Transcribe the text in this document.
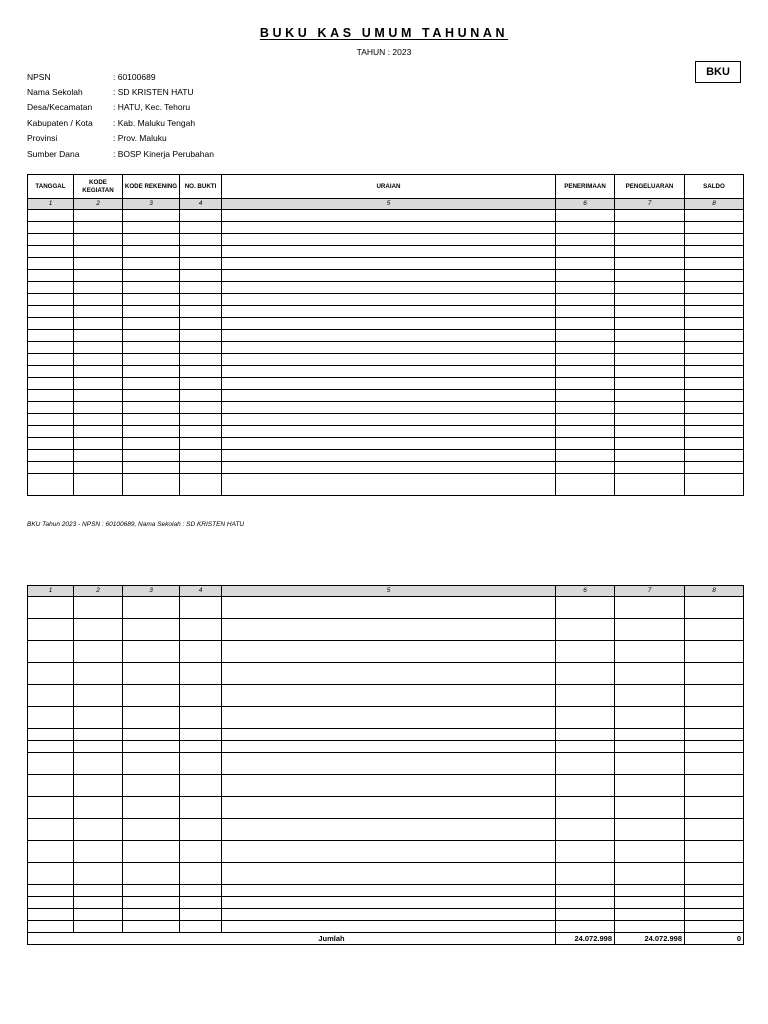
BUKU KAS UMUM TAHUNAN
TAHUN : 2023
BKU
NPSN	: 60100689
Nama Sekolah	: SD KRISTEN HATU
Desa/Kecamatan	: HATU, Kec. Tehoru
Kabupaten / Kota	: Kab. Maluku Tengah
Provinsi	: Prov. Maluku
Sumber Dana	: BOSP Kinerja Perubahan
TANGGAL	KODE KEGIATAN	KODE REKENING	NO. BUKTI	URAIAN	PENERIMAAN	PENGELUARAN	SALDO
1	2	3	4	5	6	7	8

BKU Tahun 2023 - NPSN : 60100689, Nama Sekolah : SD KRISTEN HATU
1	2	3	4	5	6	7	8

Jumlah					24.072.998	24.072.998	0
